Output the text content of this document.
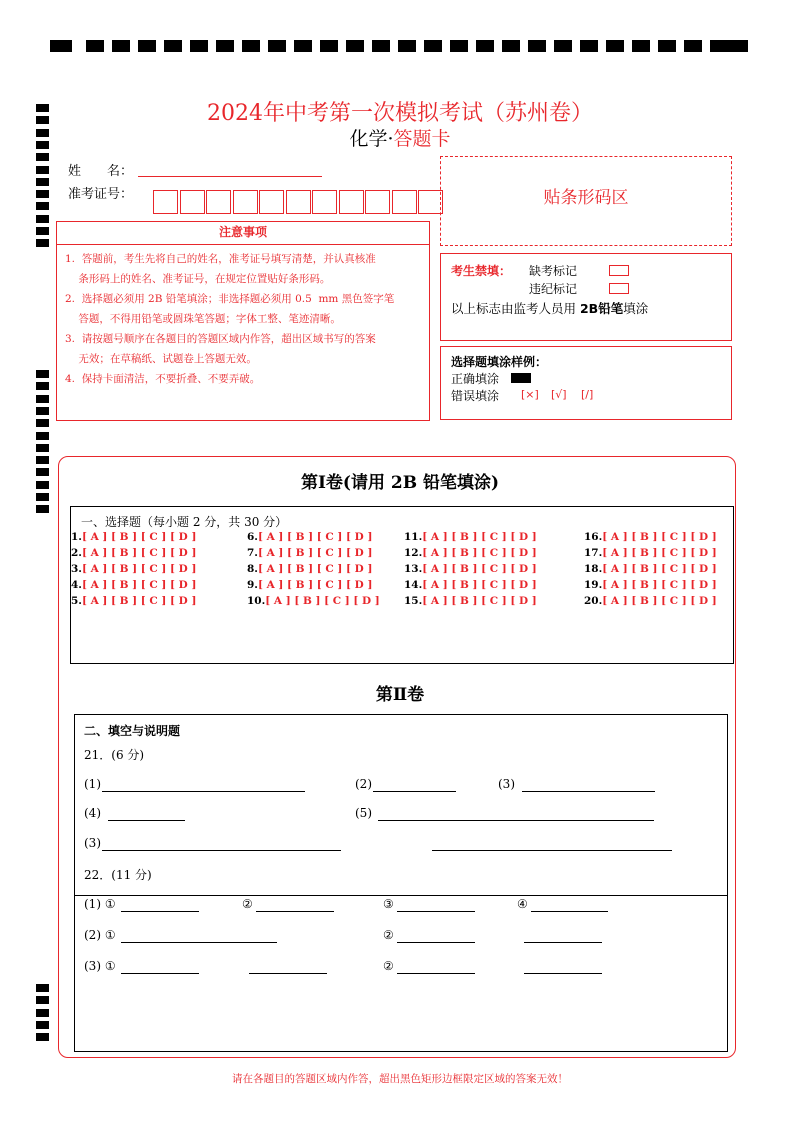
2024年中考第一次模拟考试（苏州卷）
化学·答题卡
姓　　名：
准考证号：	贴条形码区
注意事项
1.  答题前，考生先将自己的姓名，准考证号填写清楚，并认真核准
条形码上的姓名、准考证号，在规定位置贴好条形码。
2.  选择题必须用 2B 铅笔填涂；非选择题必须用 0.5  mm 黑色签字笔
答题，不得用铅笔或圆珠笔答题；字体工整、笔迹清晰。
3.  请按题号顺序在各题目的答题区域内作答，超出区域书写的答案
无效；在草稿纸、试题卷上答题无效。
4.  保持卡面清洁，不要折叠、不要弄破。
考生禁填： 缺考标记
违纪标记
以上标志由监考人员用 2B铅笔填涂
选择题填涂样例：
正确填涂
错误填涂 [×] [√] [/]
第Ⅰ卷(请用 2B 铅笔填涂)
一、选择题（每小题 2 分，共 30 分）
1.[ A ] [ B ] [ C ] [ D ]
2.[ A ] [ B ] [ C ] [ D ]
3.[ A ] [ B ] [ C ] [ D ]
4.[ A ] [ B ] [ C ] [ D ]
5.[ A ] [ B ] [ C ] [ D ]
6.[ A ] [ B ] [ C ] [ D ]
7.[ A ] [ B ] [ C ] [ D ]
8.[ A ] [ B ] [ C ] [ D ]
9.[ A ] [ B ] [ C ] [ D ]
10.[ A ] [ B ] [ C ] [ D ]
11.[ A ] [ B ] [ C ] [ D ]
12.[ A ] [ B ] [ C ] [ D ]
13.[ A ] [ B ] [ C ] [ D ]
14.[ A ] [ B ] [ C ] [ D ]
15.[ A ] [ B ] [ C ] [ D ]
16.[ A ] [ B ] [ C ] [ D ]
17.[ A ] [ B ] [ C ] [ D ]
18.[ A ] [ B ] [ C ] [ D ]
19.[ A ] [ B ] [ C ] [ D ]
20.[ A ] [ B ] [ C ] [ D ]
第Ⅱ卷
二、填空与说明题
21．(6 分)
(1)	(2)	(3)
(4)	(5)
(3)
22．(11 分)
(1) ①	②	③	④
(2) ①	②
(3) ①	②
请在各题目的答题区域内作答，超出黑色矩形边框限定区域的答案无效！
